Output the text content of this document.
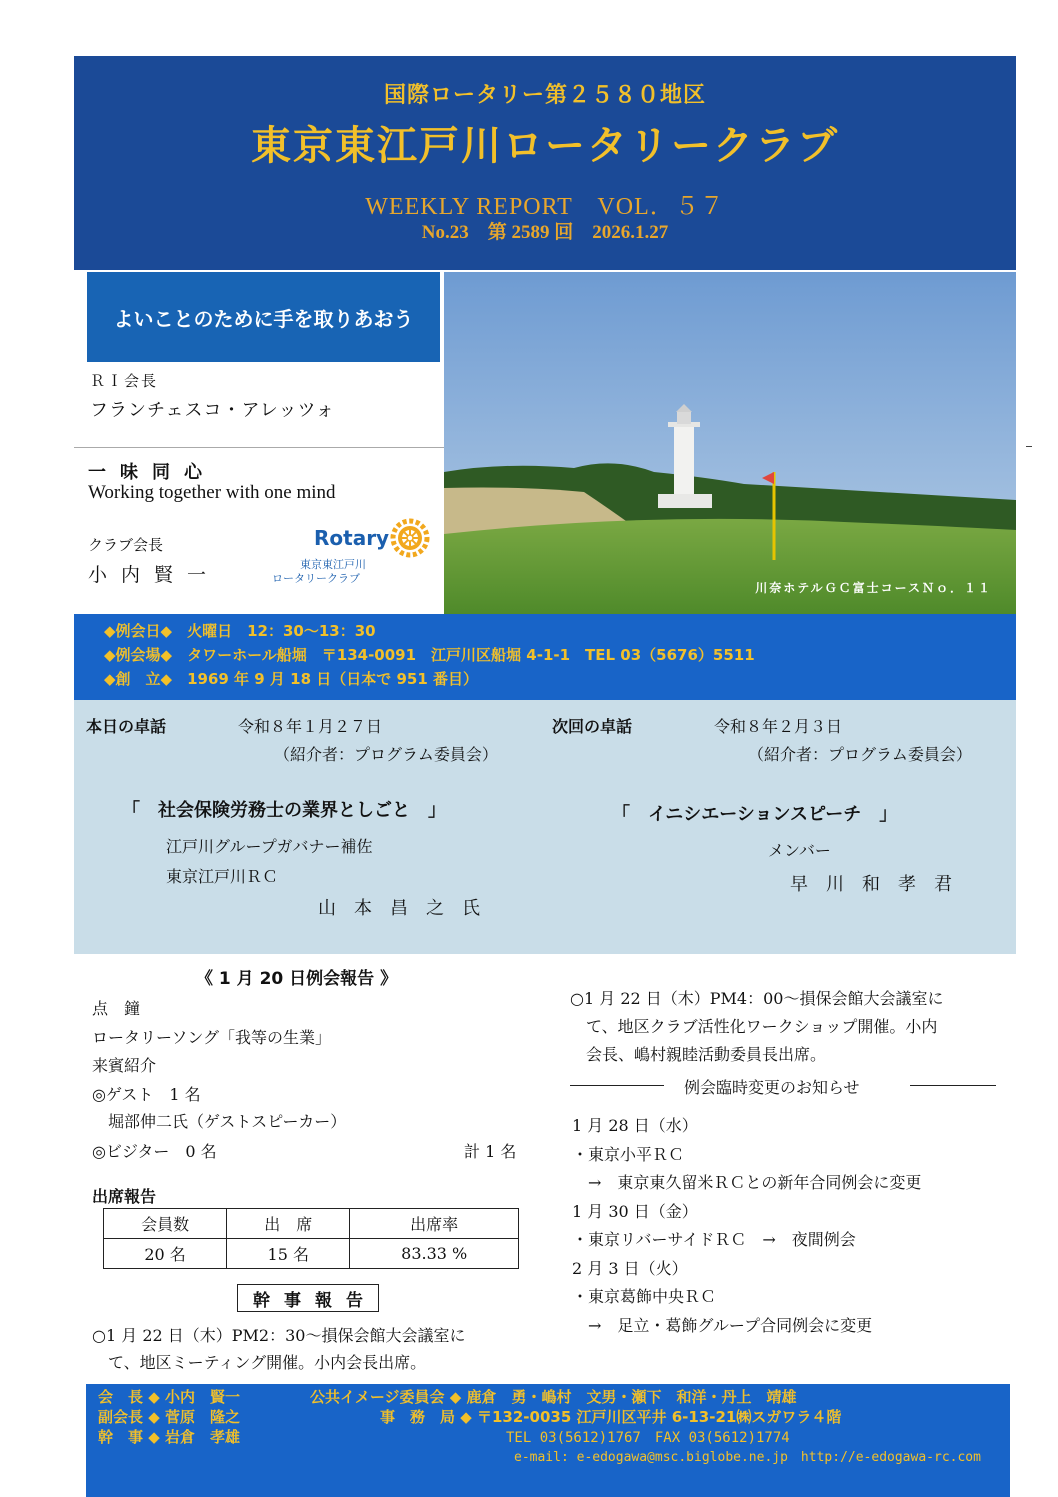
国際ロータリー第２５８０地区
東京東江戸川ロータリークラブ
WEEKLY REPORT　VOL．５７
No.23　第 2589 回　2026.1.27
よいことのために手を取りあおう
ＲＩ会長
フランチェスコ・アレッツォ
一味同心
Working together with one mind
クラブ会長
小内賢一
Rotary
東京東江戸川
ロータリークラブ
川奈ホテルＧＣ富士コースＮｏ．１１
◆例会日◆　火曜日　12：30～13：30
◆例会場◆　タワーホール船堀　〒134-0091　江戸川区船堀 4-1-1　TEL 03（5676）5511
◆創　立◆　1969 年 9 月 18 日（日本で 951 番目）
本日の卓話	令和８年１月２７日
（紹介者：プログラム委員会）
「　社会保険労務士の業界としごと　」
江戸川グループガバナー補佐
東京江戸川ＲＣ
山　本　昌　之　氏
次回の卓話	令和８年２月３日
（紹介者：プログラム委員会）
「　イニシエーションスピーチ　」
メンバー
早　川　和　孝　君
《 1 月 20 日例会報告 》
点　鐘
ロータリーソング「我等の生業」
来賓紹介
◎ゲスト　1 名
　堀部伸二氏（ゲストスピーカー）
◎ビジター　0 名	計 1 名
出席報告
会員数	出　席	出席率
20 名	15 名	83.33 %
幹事報告
○1 月 22 日（木）PM2：30～損保会館大会議室に
　て、地区ミーティング開催。小内会長出席。
○1 月 22 日（木）PM4：00～損保会館大会議室に
　て、地区クラブ活性化ワークショップ開催。小内
　会長、嶋村親睦活動委員長出席。
例会臨時変更のお知らせ
1 月 28 日（水）
・東京小平ＲＣ
　→　東京東久留米ＲＣとの新年合同例会に変更
1 月 30 日（金）
・東京リバーサイドＲＣ　→　夜間例会
2 月 3 日（火）
・東京葛飾中央ＲＣ
　→　足立・葛飾グループ合同例会に変更
会　長 ◆ 小内　賢一	公共イメージ委員会 ◆ 鹿倉　勇・嶋村　文男・瀬下　和洋・丹上　靖雄
副会長 ◆ 菅原　隆之	事　務　局 ◆ 〒132-0035 江戸川区平井 6-13-21㈱スガワラ４階
幹　事 ◆ 岩倉　孝雄	TEL 03(5612)1767　FAX 03(5612)1774
e-mail: e-edogawa@msc.biglobe.ne.jp　http://e-edogawa-rc.com
